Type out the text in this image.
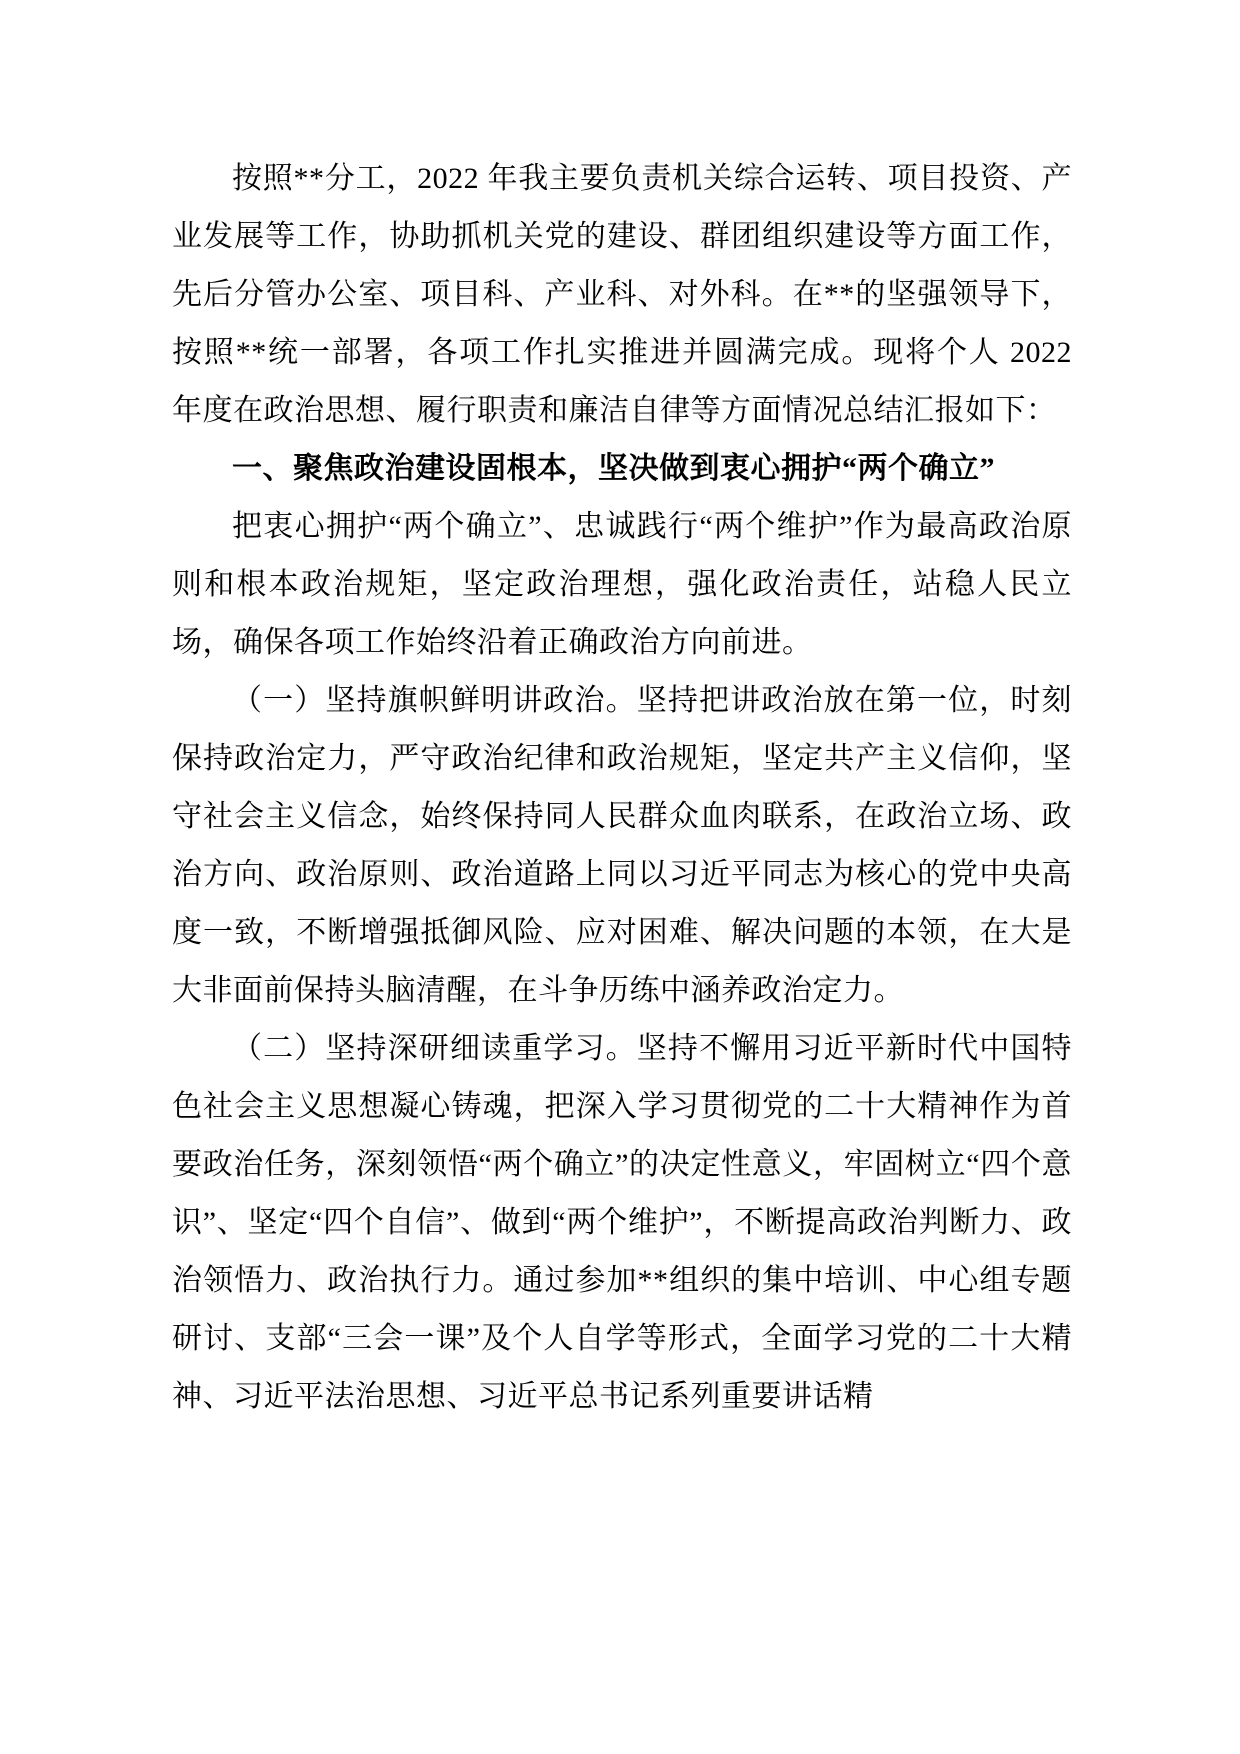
按照**分工，2022 年我主要负责机关综合运转、项目投资、产业发展等工作，协助抓机关党的建设、群团组织建设等方面工作，先后分管办公室、项目科、产业科、对外科。在**的坚强领导下，按照**统一部署，各项工作扎实推进并圆满完成。现将个人 2022 年度在政治思想、履行职责和廉洁自律等方面情况总结汇报如下：

一、聚焦政治建设固根本，坚决做到衷心拥护“两个确立”

把衷心拥护“两个确立”、忠诚践行“两个维护”作为最高政治原则和根本政治规矩，坚定政治理想，强化政治责任，站稳人民立场，确保各项工作始终沿着正确政治方向前进。

（一）坚持旗帜鲜明讲政治。坚持把讲政治放在第一位，时刻保持政治定力，严守政治纪律和政治规矩，坚定共产主义信仰，坚守社会主义信念，始终保持同人民群众血肉联系，在政治立场、政治方向、政治原则、政治道路上同以习近平同志为核心的党中央高度一致，不断增强抵御风险、应对困难、解决问题的本领，在大是大非面前保持头脑清醒，在斗争历练中涵养政治定力。

（二）坚持深研细读重学习。坚持不懈用习近平新时代中国特色社会主义思想凝心铸魂，把深入学习贯彻党的二十大精神作为首要政治任务，深刻领悟“两个确立”的决定性意义，牢固树立“四个意识”、坚定“四个自信”、做到“两个维护”，不断提高政治判断力、政治领悟力、政治执行力。通过参加**组织的集中培训、中心组专题研讨、支部“三会一课”及个人自学等形式，全面学习党的二十大精神、习近平法治思想、习近平总书记系列重要讲话精
